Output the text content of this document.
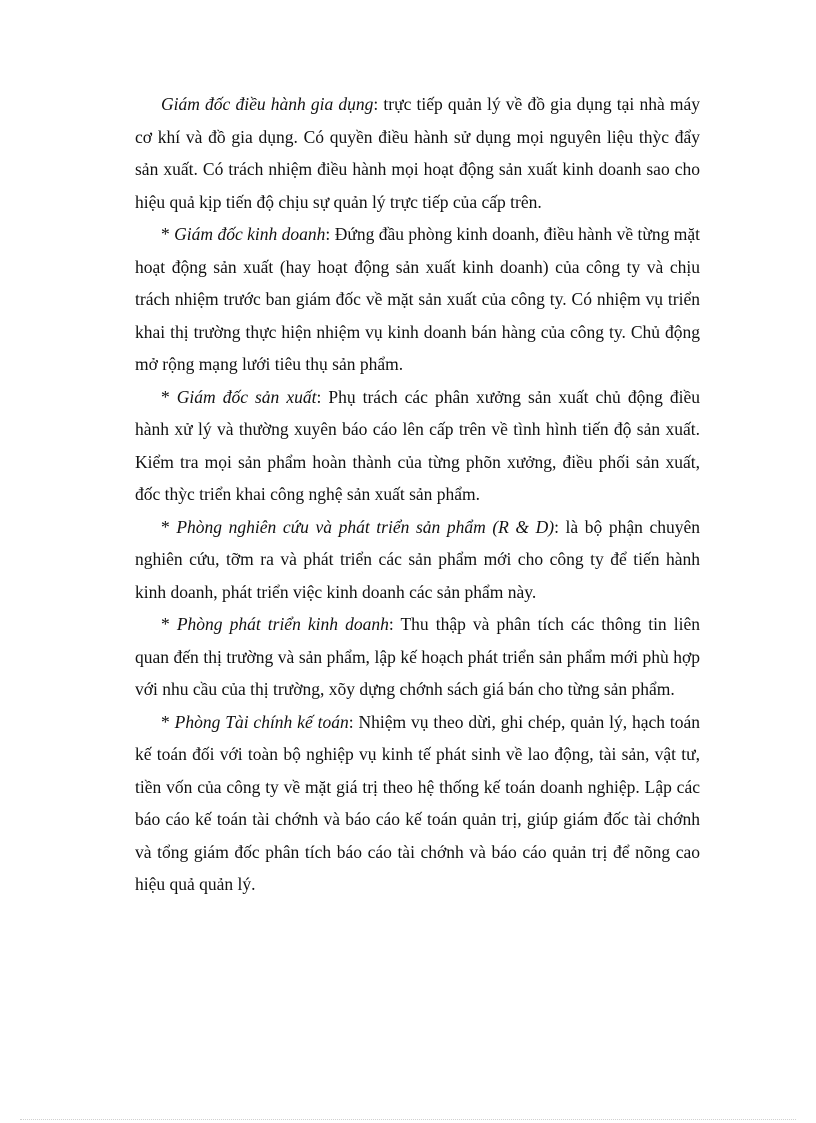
Giám đốc điều hành gia dụng: trực tiếp quản lý về đồ gia dụng tại nhà máy cơ khí và đồ gia dụng. Có quyền điều hành sử dụng mọi nguyên liệu thỳc đẩy sản xuất. Có trách nhiệm điều hành mọi hoạt động sản xuất kinh doanh sao cho hiệu quả kịp tiến độ chịu sự quản lý trực tiếp của cấp trên.

* Giám đốc kinh doanh: Đứng đầu phòng kinh doanh, điều hành về từng mặt hoạt động sản xuất (hay hoạt động sản xuất kinh doanh) của công ty và chịu trách nhiệm trước ban giám đốc về mặt sản xuất của công ty. Có nhiệm vụ triển khai thị trường thực hiện nhiệm vụ kinh doanh bán hàng của công ty. Chủ động mở rộng mạng lưới tiêu thụ sản phẩm.

* Giám đốc sản xuất: Phụ trách các phân xưởng sản xuất chủ động điều hành xử lý và thường xuyên báo cáo lên cấp trên về tình hình tiến độ sản xuất. Kiểm tra mọi sản phẩm hoàn thành của từng phõn xưởng, điều phối sản xuất, đốc thỳc triển khai công nghệ sản xuất sản phẩm.

* Phòng nghiên cứu và phát triển sản phẩm (R & D): là bộ phận chuyên nghiên cứu, tỡm ra và phát triển các sản phẩm mới cho công ty để tiến hành kinh doanh, phát triển việc kinh doanh các sản phẩm này.

* Phòng phát triển kinh doanh: Thu thập và phân tích các thông tin liên quan đến thị trường và sản phẩm, lập kế hoạch phát triển sản phẩm mới phù hợp với nhu cầu của thị trường, xõy dựng chớnh sách giá bán cho từng sản phẩm.

* Phòng Tài chính kế toán: Nhiệm vụ theo dừi, ghi chép, quản lý, hạch toán kế toán đối với toàn bộ nghiệp vụ kinh tế phát sinh về lao động, tài sản, vật tư, tiền vốn của công ty về mặt giá trị theo hệ thống kế toán doanh nghiệp. Lập các báo cáo kế toán tài chớnh và báo cáo kế toán quản trị, giúp giám đốc tài chớnh và tổng giám đốc phân tích báo cáo tài chớnh và báo cáo quản trị để nõng cao hiệu quả quản lý.
